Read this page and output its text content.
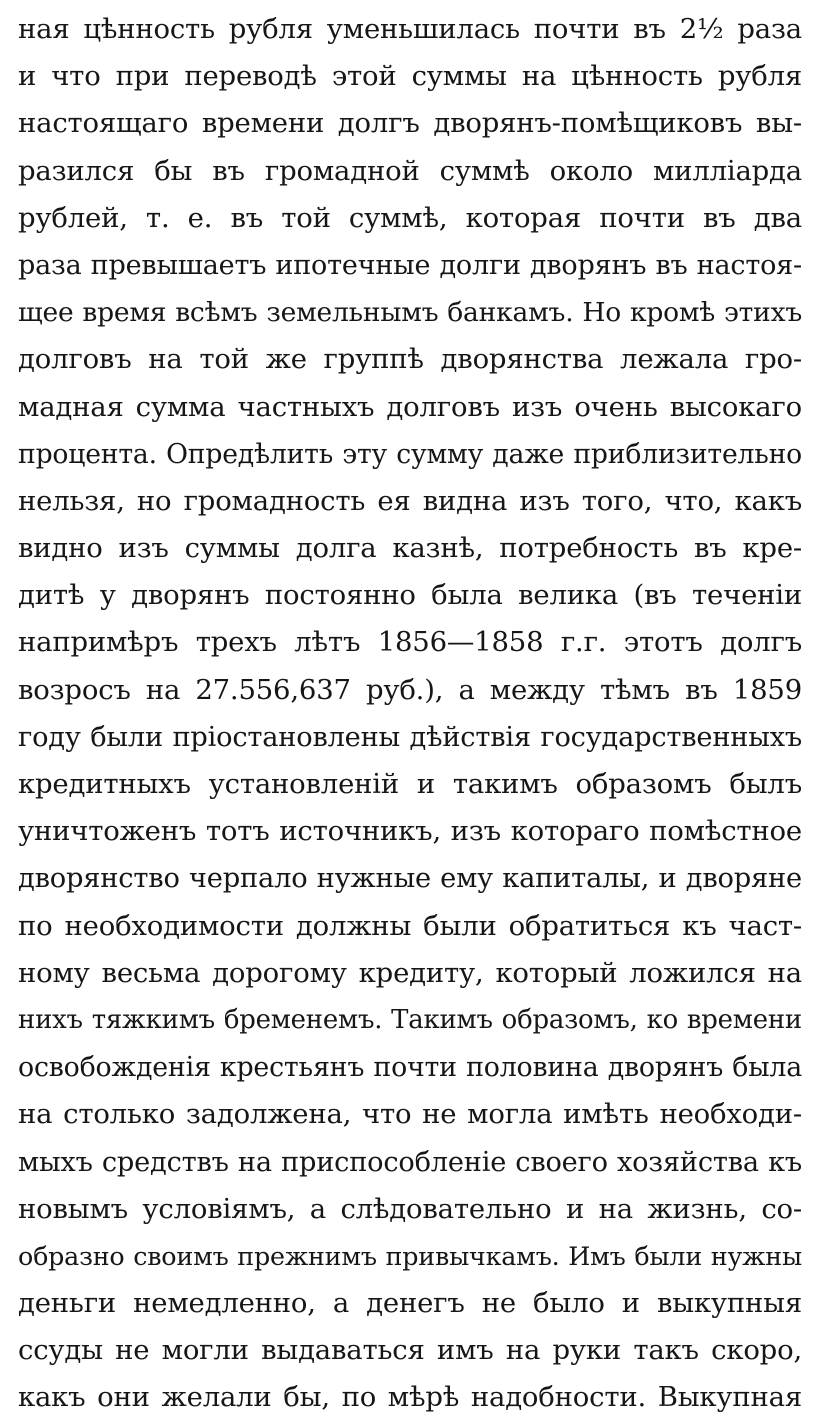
ная цѣнность рубля уменьшилась почти въ 2½ раза
и что при переводѣ этой суммы на цѣнность рубля
настоящаго времени долгъ дворянъ-помѣщиковъ вы-
разился бы въ громадной суммѣ около миллiарда
рублей, т. е. въ той суммѣ, которая почти въ два
раза превышаетъ ипотечные долги дворянъ въ настоя-
щее время всѣмъ земельнымъ банкамъ. Но кромѣ этихъ
долговъ на той же группѣ дворянства лежала гро-
мадная сумма частныхъ долговъ изъ очень высокаго
процента. Опредѣлить эту сумму даже приблизительно
нельзя, но громадность ея видна изъ того, что, какъ
видно изъ суммы долга казнѣ, потребность въ кре-
дитѣ у дворянъ постоянно была велика (въ теченiи
напримѣръ трехъ лѣтъ 1856—1858 г.г. этотъ долгъ
возросъ на 27.556,637 руб.), а между тѣмъ въ 1859
году были прiостановлены дѣйствiя государственныхъ
кредитныхъ установленiй и такимъ образомъ былъ
уничтоженъ тотъ источникъ, изъ котораго помѣстное
дворянство черпало нужные ему капиталы, и дворяне
по необходимости должны были обратиться къ част-
ному весьма дорогому кредиту, который ложился на
нихъ тяжкимъ бременемъ. Такимъ образомъ, ко времени
освобожденiя крестьянъ почти половина дворянъ была
на столько задолжена, что не могла имѣть необходи-
мыхъ средствъ на приспособленiе своего хозяйства къ
новымъ условiямъ, а слѣдовательно и на жизнь, со-
образно своимъ прежнимъ привычкамъ. Имъ были нужны
деньги немедленно, а денегъ не было и выкупныя
ссуды не могли выдаваться имъ на руки такъ скоро,
какъ они желали бы, по мѣрѣ надобности. Выкупная
